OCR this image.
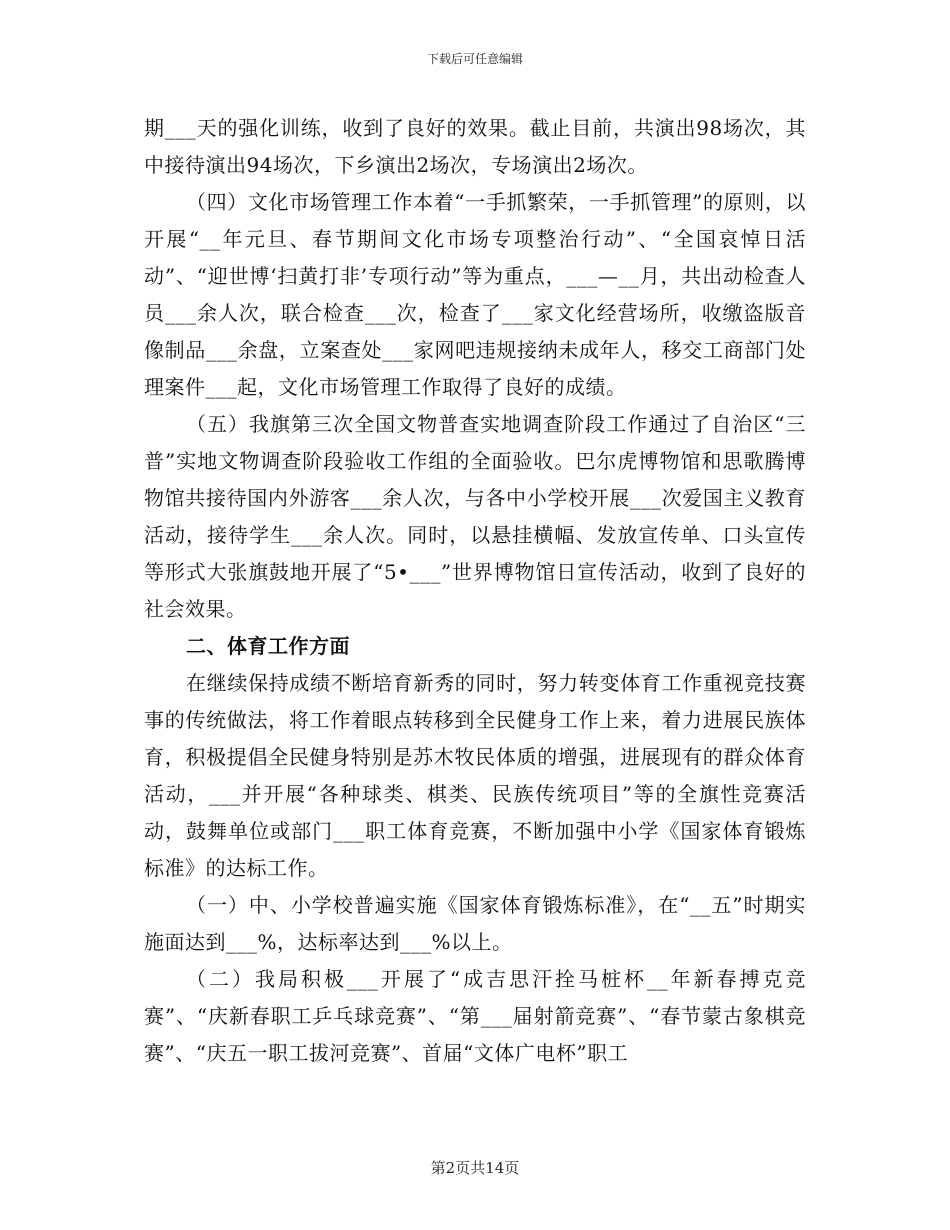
下载后可任意编辑

期___天的强化训练，收到了良好的效果。截止目前，共演出98场次，其中接待演出94场次，下乡演出2场次，专场演出2场次。

（四）文化市场管理工作本着“一手抓繁荣，一手抓管理”的原则，以开展“__年元旦、春节期间文化市场专项整治行动”、“全国哀悼日活动”、“迎世博‘扫黄打非’专项行动”等为重点，___—__月，共出动检查人员___余人次，联合检查___次，检查了___家文化经营场所，收缴盗版音像制品___余盘，立案查处___家网吧违规接纳未成年人，移交工商部门处理案件___起，文化市场管理工作取得了良好的成绩。

（五）我旗第三次全国文物普查实地调查阶段工作通过了自治区“三普”实地文物调查阶段验收工作组的全面验收。巴尔虎博物馆和思歌腾博物馆共接待国内外游客___余人次，与各中小学校开展___次爱国主义教育活动，接待学生___余人次。同时，以悬挂横幅、发放宣传单、口头宣传等形式大张旗鼓地开展了“5•___”世界博物馆日宣传活动，收到了良好的社会效果。

二、体育工作方面

在继续保持成绩不断培育新秀的同时，努力转变体育工作重视竞技赛事的传统做法，将工作着眼点转移到全民健身工作上来，着力进展民族体育，积极提倡全民健身特别是苏木牧民体质的增强，进展现有的群众体育活动，___并开展“各种球类、棋类、民族传统项目”等的全旗性竞赛活动，鼓舞单位或部门___职工体育竞赛，不断加强中小学《国家体育锻炼标准》的达标工作。

（一）中、小学校普遍实施《国家体育锻炼标准》，在“__五”时期实施面达到___%，达标率达到___%以上。

（二）我局积极___开展了“成吉思汗拴马桩杯__年新春搏克竞赛”、“庆新春职工乒乓球竞赛”、“第___届射箭竞赛”、“春节蒙古象棋竞赛”、“庆五一职工拔河竞赛”、首届“文体广电杯”职工

第2页共14页
